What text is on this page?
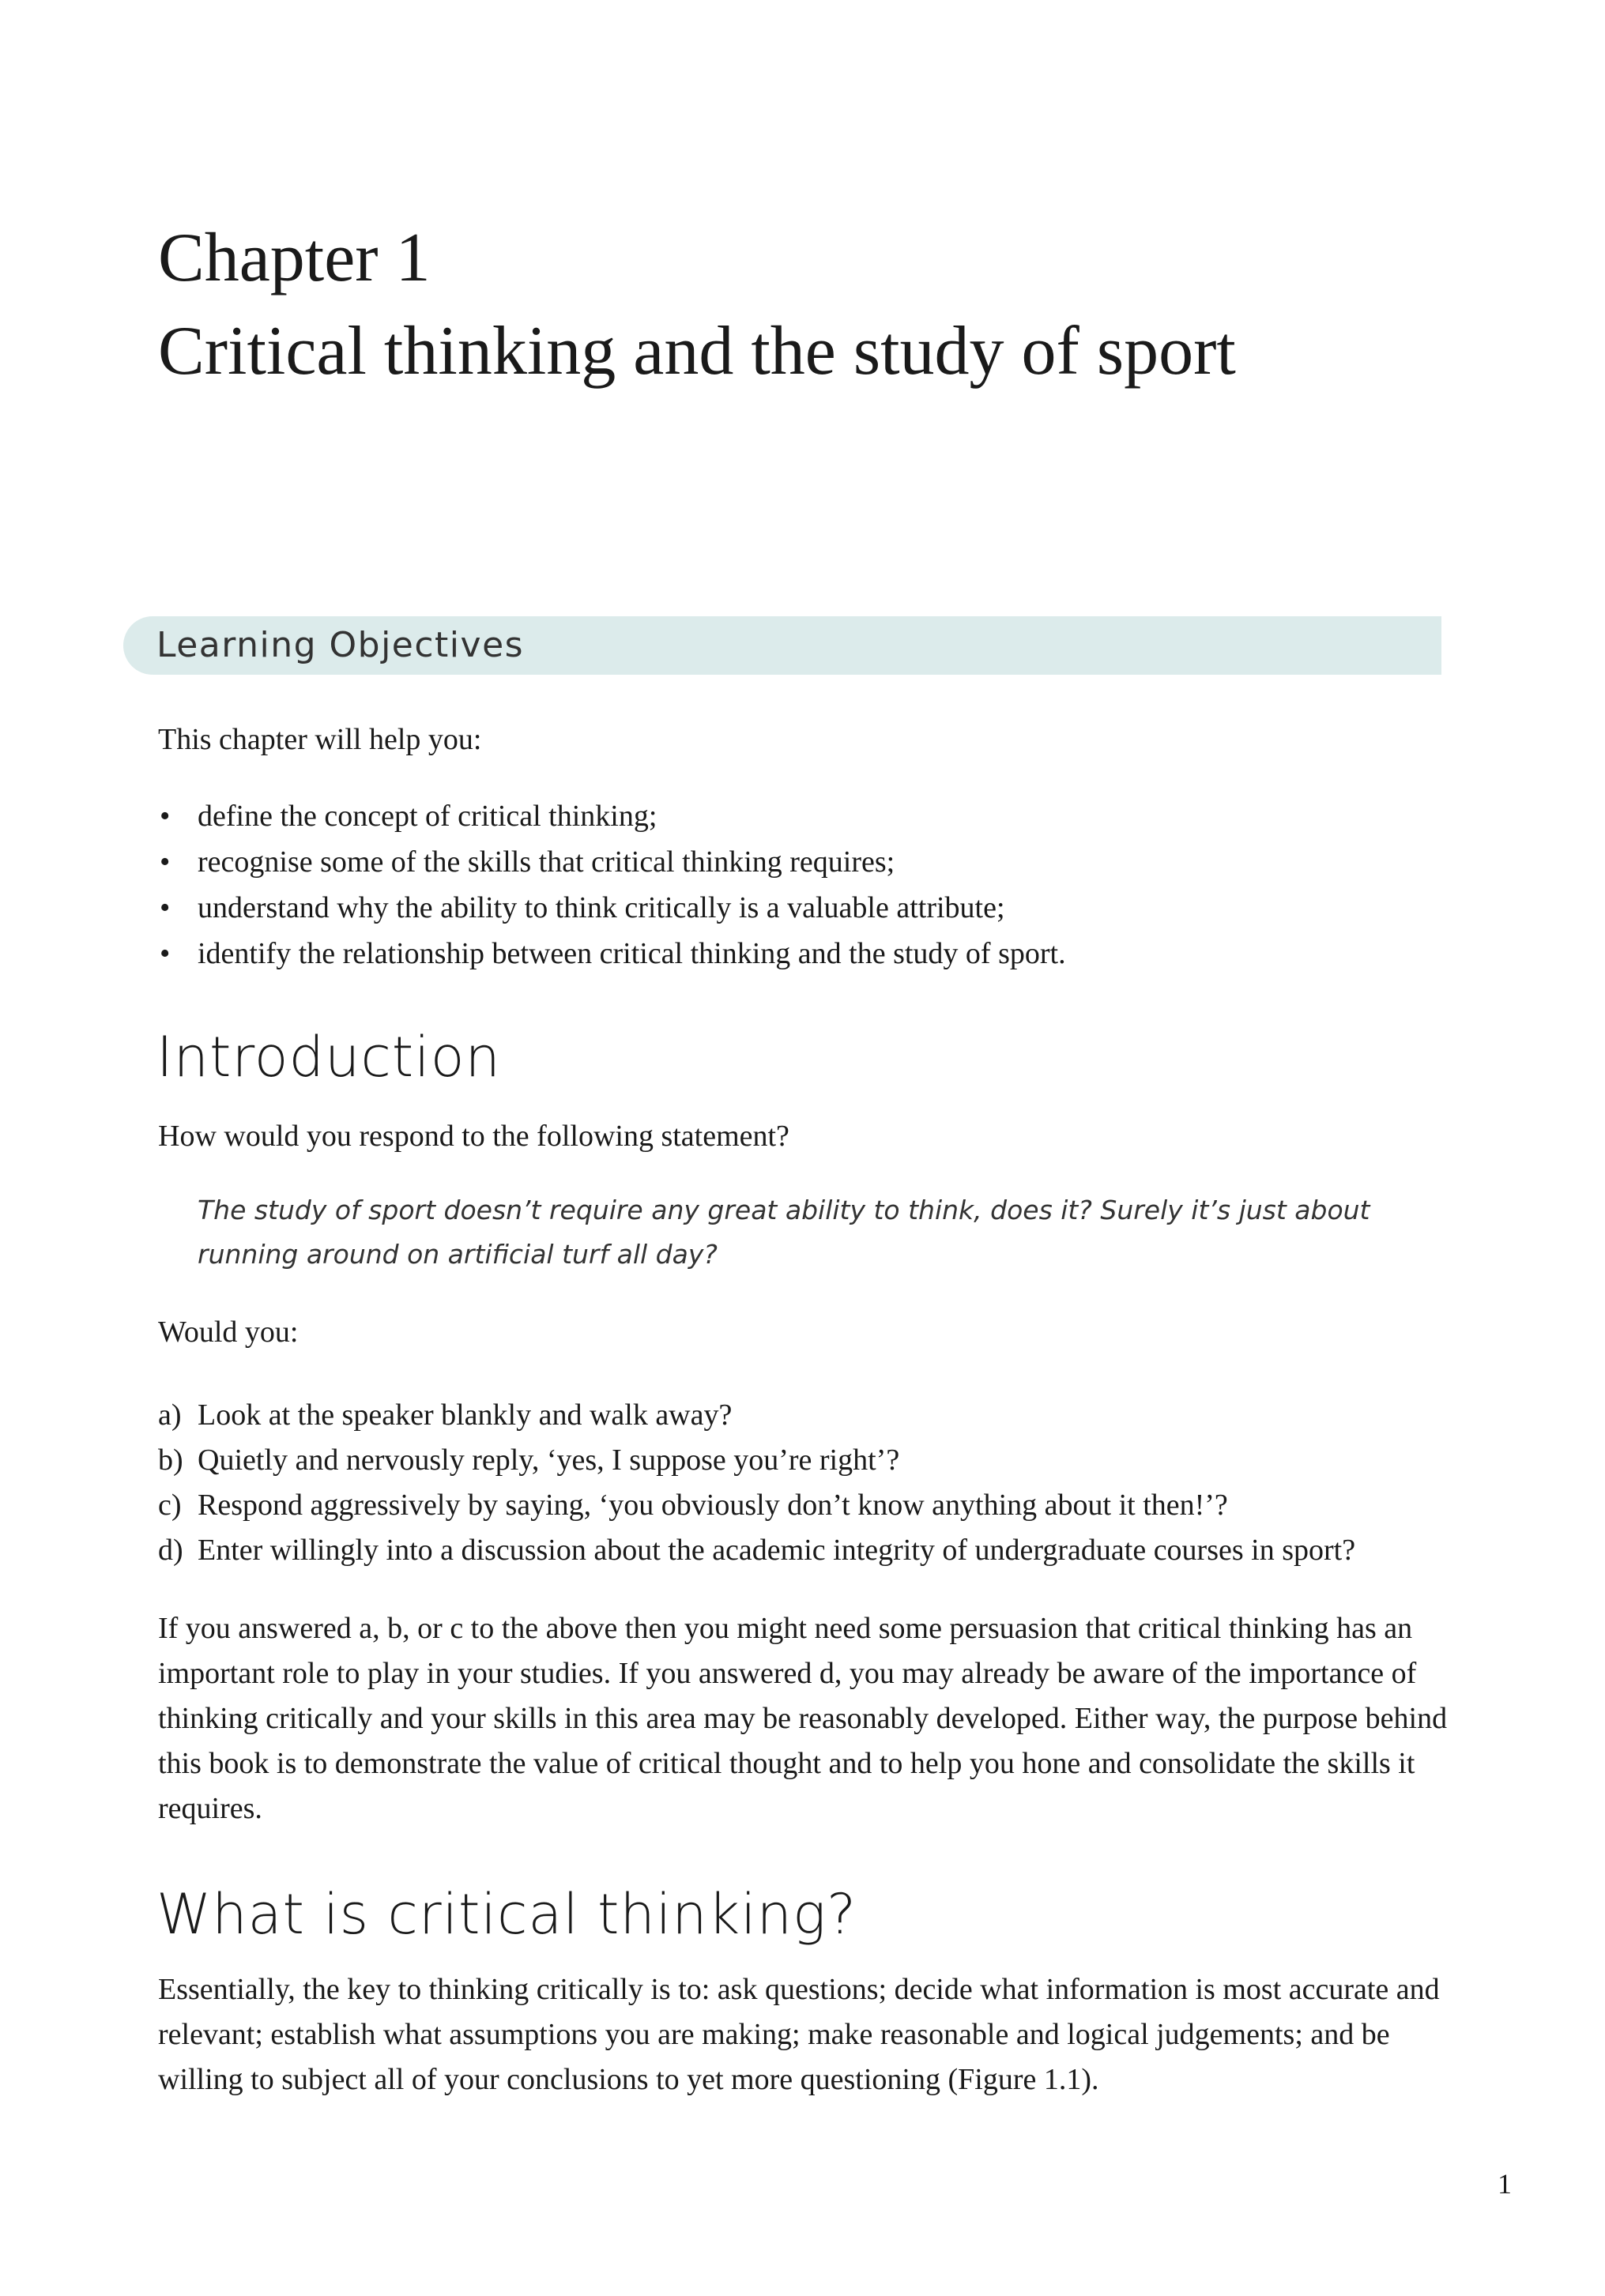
Chapter 1
Critical thinking and the study of sport
Learning Objectives

This chapter will help you:

• define the concept of critical thinking;
• recognise some of the skills that critical thinking requires;
• understand why the ability to think critically is a valuable attribute;
• identify the relationship between critical thinking and the study of sport.
Introduction

How would you respond to the following statement?

The study of sport doesn’t require any great ability to think, does it? Surely it’s just about running around on artificial turf all day?

Would you:

a) Look at the speaker blankly and walk away?
b) Quietly and nervously reply, ‘yes, I suppose you’re right’?
c) Respond aggressively by saying, ‘you obviously don’t know anything about it then!’?
d) Enter willingly into a discussion about the academic integrity of undergraduate courses in sport?

If you answered a, b, or c to the above then you might need some persuasion that critical thinking has an important role to play in your studies. If you answered d, you may already be aware of the importance of thinking critically and your skills in this area may be reasonably developed. Either way, the purpose behind this book is to demonstrate the value of critical thought and to help you hone and consolidate the skills it requires.

What is critical thinking?

Essentially, the key to thinking critically is to: ask questions; decide what information is most accurate and relevant; establish what assumptions you are making; make reasonable and logical judgements; and be willing to subject all of your conclusions to yet more questioning (Figure 1.1).

1
